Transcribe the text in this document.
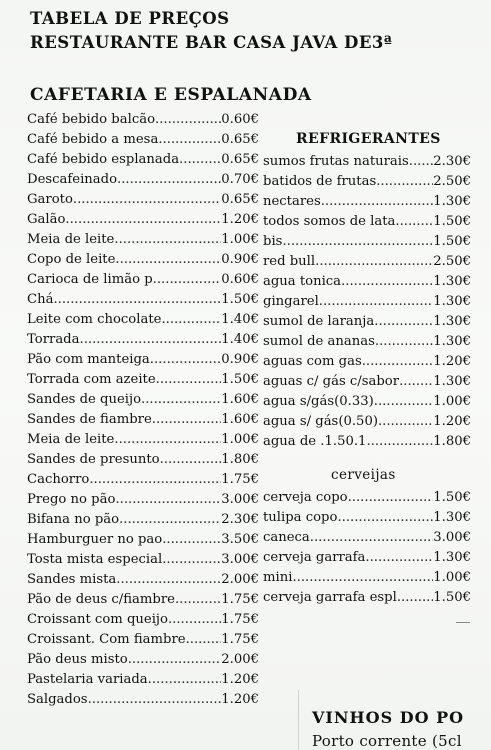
TABELA DE PREÇOS
RESTAURANTE BAR CASA JAVA DE3ª
CAFETARIA E ESPALANADA
Café bebido balcão .....	0.60€
Café bebido a mesa .....	0.65€
Café bebido esplanada .....	0.65€
Descafeinado .....	0.70€
Garoto .....	0.65€
Galão .....	1.20€
Meia de leite .....	1.00€
Copo de leite .....	0.90€
Carioca de limão p .....	0.60€
Chá .....	1.50€
Leite com chocolate .....	1.40€
Torrada .....	1.40€
Pão com manteiga .....	0.90€
Torrada com azeite .....	1.50€
Sandes de queijo .....	1.60€
Sandes de fiambre .....	1.60€
Meia de leite .....	1.00€
Sandes de presunto .....	1.80€
Cachorro .....	1.75€
Prego no pão .....	3.00€
Bifana no pão .....	2.30€
Hamburguer no pao .....	3.50€
Tosta mista especial .....	3.00€
Sandes mista .....	2.00€
Pão de deus c/fiambre .....	1.75€
Croissant com queijo .....	1.75€
Croissant. Com fiambre .....	1.75€
Pão deus misto .....	2.00€
Pastelaria variada .....	1.20€
Salgados .....	1.20€
REFRIGERANTES
sumos frutas naturais ..... 2.30€
batidos de frutas .....	2.50€
nectares .....	1.30€
todos somos de lata. .....	1.50€
bis .....	1.50€
red bull .....	2.50€
agua tonica .....	1.30€
gingarel .....	1.30€
sumol de laranja .....	1.30€
sumol de ananas .....	1.30€
aguas com gas .....	1.20€
aguas c/ gás c/sabor .....	1.30€
agua s/gás(0.33) .....	1.00€
agua s/ gás(0.50) .....	1.20€
agua de .1.50.1 .....	1.80€
cerveijas
cerveja copo .....	1.50€
tulipa copo .....	1.30€
caneca .....	3.00€
cerveja garrafa .....	1.30€
mini .....	1.00€
cerveja garrafa espl .....	1.50€
VINHOS DO PO
Porto corrente (5cl
